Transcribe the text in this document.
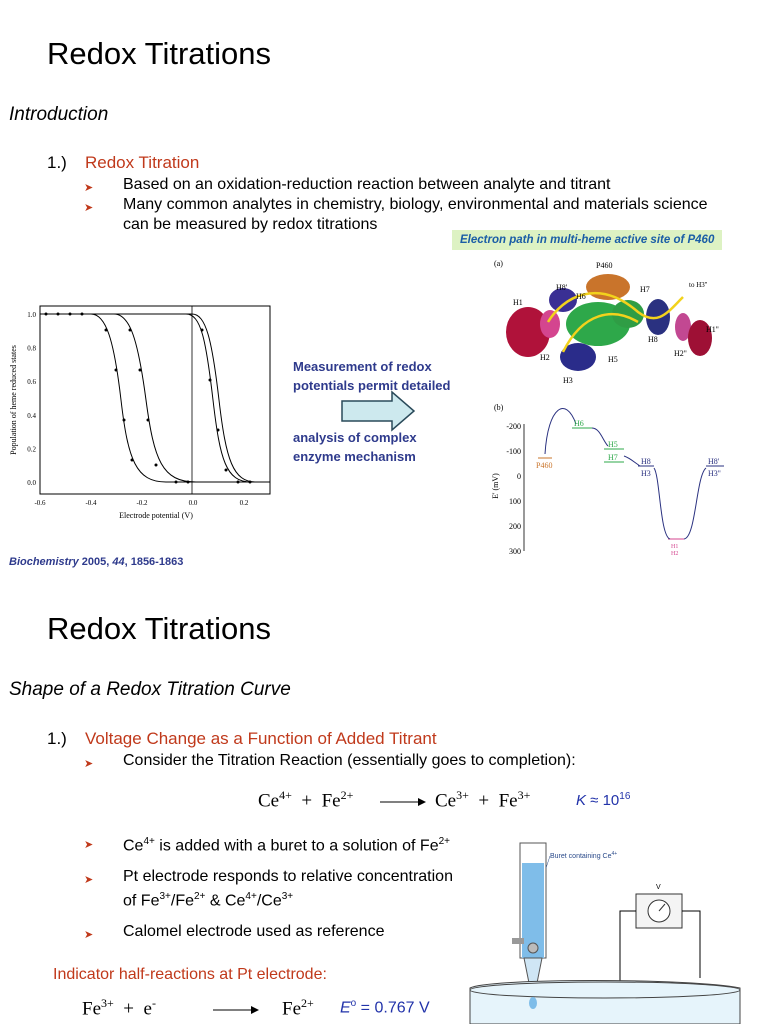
Redox Titrations
Introduction
1.) Redox Titration
➤ Based on an oxidation-reduction reaction between analyte and titrant
➤ Many common analytes in chemistry, biology, environmental and materials science
can be measured by redox titrations
Electron path in multi-heme active site of P460
1.0
0.8
0.6
0.4
0.2
0.0
-0.6	-0.4	-0.2	0.0	0.2
Population of heme reduced states
Electrode potential (V)
Measurement of redox
potentials permit detailed
analysis of complex
enzyme mechanism
Biochemistry 2005, 44, 1856-1863
(a)	P460
H8'
H1
H6
H7	to H3''
H2	H5
H8
H1''
H2''
H3
(b)
-200
-100
0
100
200
300
E' (mV)
H6
P460
H5
H7	H8
H3
H8'
H3''
H1
H2
Redox Titrations
Shape of a Redox Titration Curve
1.) Voltage Change as a Function of Added Titrant
➤ Consider the Titration Reaction (essentially goes to completion):
$Ce^{4+} + Fe^{2+} \to Ce^{3+} + Fe^{3+}$	$K \approx 10^{16}$
➤ $Ce^{4+}$ is added with a buret to a solution of $Fe^{2+}$
➤ Pt electrode responds to relative concentration
of $Fe^{3+}/Fe^{2+}$ & $Ce^{4+}/Ce^{3+}$
➤ Calomel electrode used as reference
Indicator half-reactions at Pt electrode:
$Fe^{3+} + e^-$	$Fe^{2+}$ $E^o = 0.767$ V
Buret containing $Ce^{4+}$
V
